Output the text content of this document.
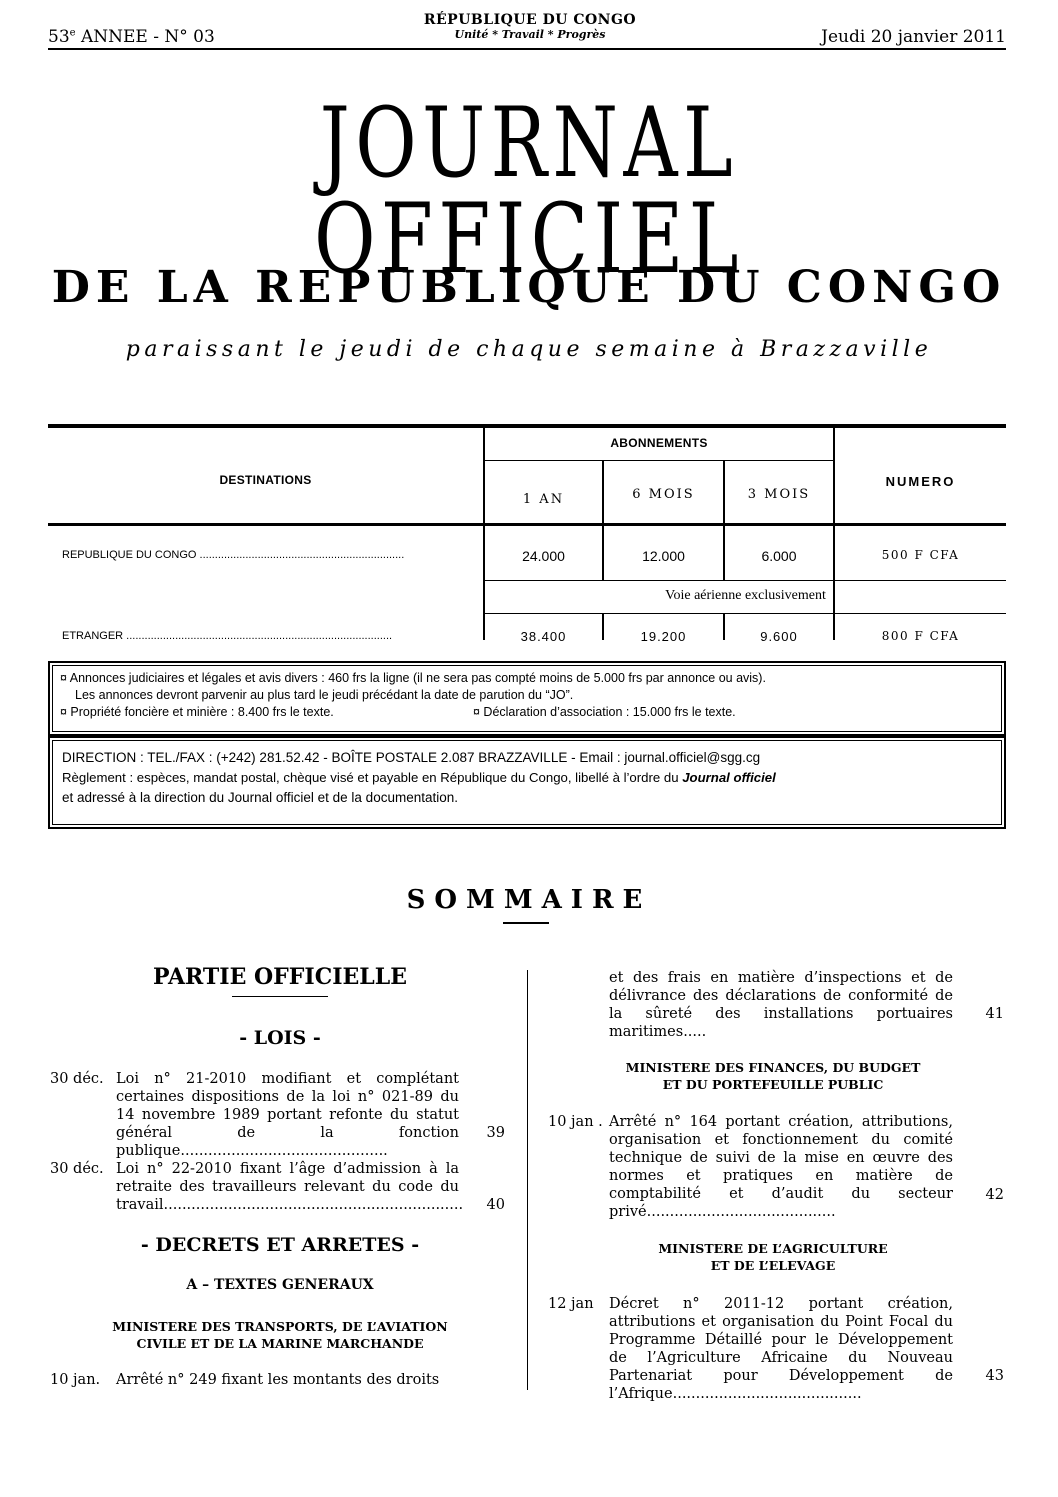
53e ANNEE - N° 03
RÉPUBLIQUE DU CONGO
Unité * Travail * Progrès	Jeudi 20 janvier 2011
JOURNAL OFFICIEL
DE LA REPUBLIQUE DU CONGO
paraissant le jeudi de chaque semaine à Brazzaville
DESTINATIONS
ABONNEMENTS
NUMERO
1 AN	6 MOIS	3 MOIS
REPUBLIQUE DU CONGO ...................................................................	24.000	12.000	6.000	500 F CFA
Voie aérienne exclusivement
ETRANGER .......................................................................................	38.400	19.200	9.600	800 F CFA
¤ Annonces judiciaires et légales et avis divers : 460 frs la ligne (il ne sera pas compté moins de 5.000 frs par annonce ou avis).
Les annonces devront parvenir au plus tard le jeudi précédant la date de parution du “JO”.
¤ Propriété foncière et minière : 8.400 frs le texte.	¤ Déclaration d’association : 15.000 frs le texte.
DIRECTION : TEL./FAX : (+242) 281.52.42 - BOÎTE POSTALE 2.087 BRAZZAVILLE - Email : journal.officiel@sgg.cg
Règlement : espèces, mandat postal, chèque visé et payable en République du Congo, libellé à l’ordre du Journal officiel
et adressé à la direction du Journal officiel et de la documentation.
SOMMAIRE
PARTIE OFFICIELLE
- LOIS -
30 déc. Loi n° 21-2010 modifiant et complétant certaines dispositions de la loi n° 021-89 du 14 novembre 1989 portant refonte du statut général de la fonction publique.............................................
39
30 déc. Loi n° 22-2010 fixant l’âge d’admission à la retraite des travailleurs relevant du code du travail.................................................................	40
- DECRETS ET ARRETES -
A – TEXTES GENERAUX
MINISTERE DES TRANSPORTS, DE L’AVIATION
CIVILE ET DE LA MARINE MARCHANDE
10 jan. Arrêté n° 249 fixant les montants des droits
et des frais en matière d’inspections et de délivrance des déclarations de conformité de la sûreté des installations portuaires maritimes.....
41
MINISTERE DES FINANCES, DU BUDGET
ET DU PORTEFEUILLE PUBLIC
10 jan . Arrêté n° 164 portant création, attributions, organisation et fonctionnement du comité technique de suivi de la mise en œuvre des normes et pratiques en matière de comptabilité et d’audit du secteur privé.........................................
42
MINISTERE DE L’AGRICULTURE
ET DE L’ELEVAGE
12 jan Décret n° 2011-12 portant création, attributions et organisation du Point Focal du Programme Détaillé pour le Développement de l’Agriculture Africaine du Nouveau Partenariat pour Développement de l’Afrique.........................................
43
